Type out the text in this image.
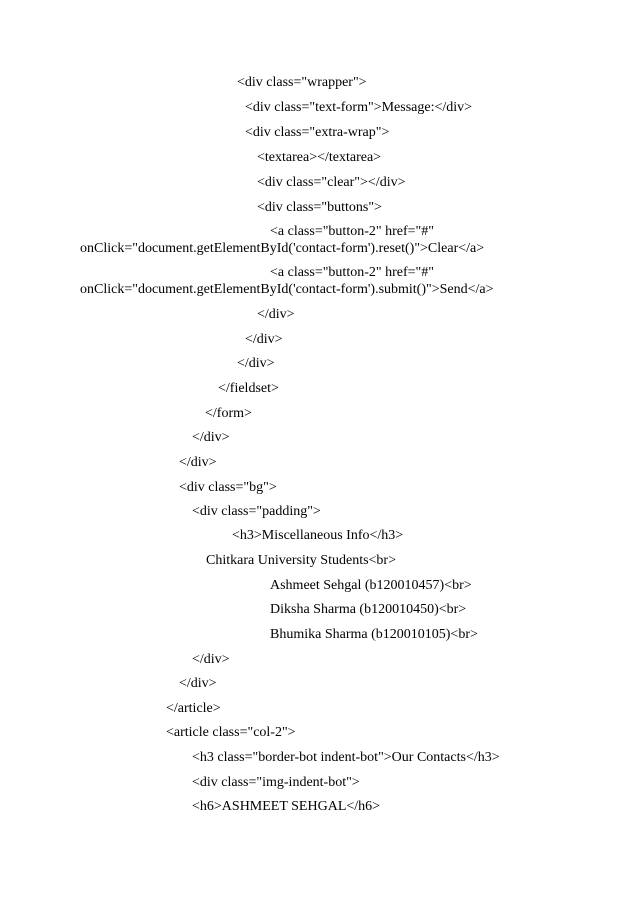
<div class="wrapper">
<div class="text-form">Message:</div>
<div class="extra-wrap">
<textarea></textarea>
<div class="clear"></div>
<div class="buttons">
<a class="button-2" href="#"
onClick="document.getElementById('contact-form').reset()">Clear</a>
<a class="button-2" href="#"
onClick="document.getElementById('contact-form').submit()">Send</a>
</div>
</div>
</div>
</fieldset>
</form>
</div>
</div>
<div class="bg">
<div class="padding">
<h3>Miscellaneous Info</h3>
Chitkara University Students<br>
Ashmeet Sehgal (b120010457)<br>
Diksha Sharma (b120010450)<br>
Bhumika Sharma (b120010105)<br>
</div>
</div>
</article>
<article class="col-2">
<h3 class="border-bot indent-bot">Our Contacts</h3>
<div class="img-indent-bot">
<h6>ASHMEET SEHGAL</h6>
